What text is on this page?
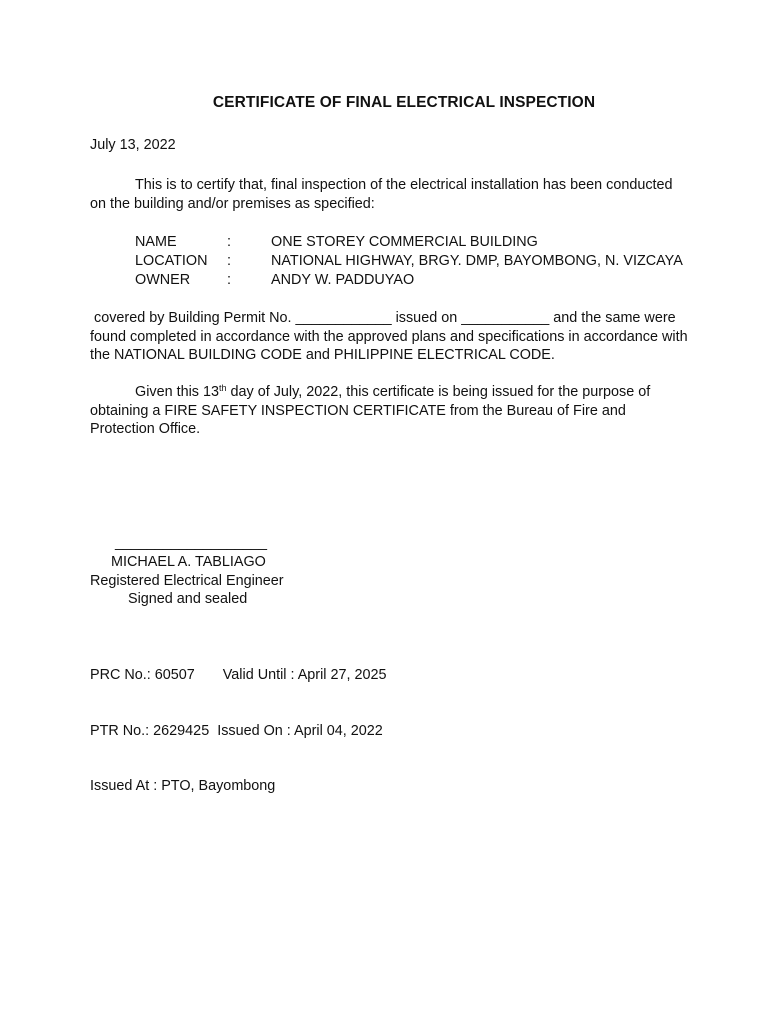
CERTIFICATE OF FINAL ELECTRICAL INSPECTION
July 13, 2022
This is to certify that, final inspection of the electrical installation has been conducted
on the building and/or premises as specified:
NAME	:	ONE STOREY COMMERCIAL BUILDING
LOCATION :	NATIONAL HIGHWAY, BRGY. DMP, BAYOMBONG, N. VIZCAYA
OWNER	:	ANDY W. PADDUYAO
covered by Building Permit No. ____________ issued on ___________ and the same were
found completed in accordance with the approved plans and specifications in accordance with
the NATIONAL BUILDING CODE and PHILIPPINE ELECTRICAL CODE.
Given this 13th day of July, 2022, this certificate is being issued for the purpose of
obtaining a FIRE SAFETY INSPECTION CERTIFICATE from the Bureau of Fire and
Protection Office.
___________________
MICHAEL A. TABLIAGO
Registered Electrical Engineer
Signed and sealed

PRC No.: 60507       Valid Until : April 27, 2025

PTR No.: 2629425  Issued On : April 04, 2022

Issued At : PTO, Bayombong
